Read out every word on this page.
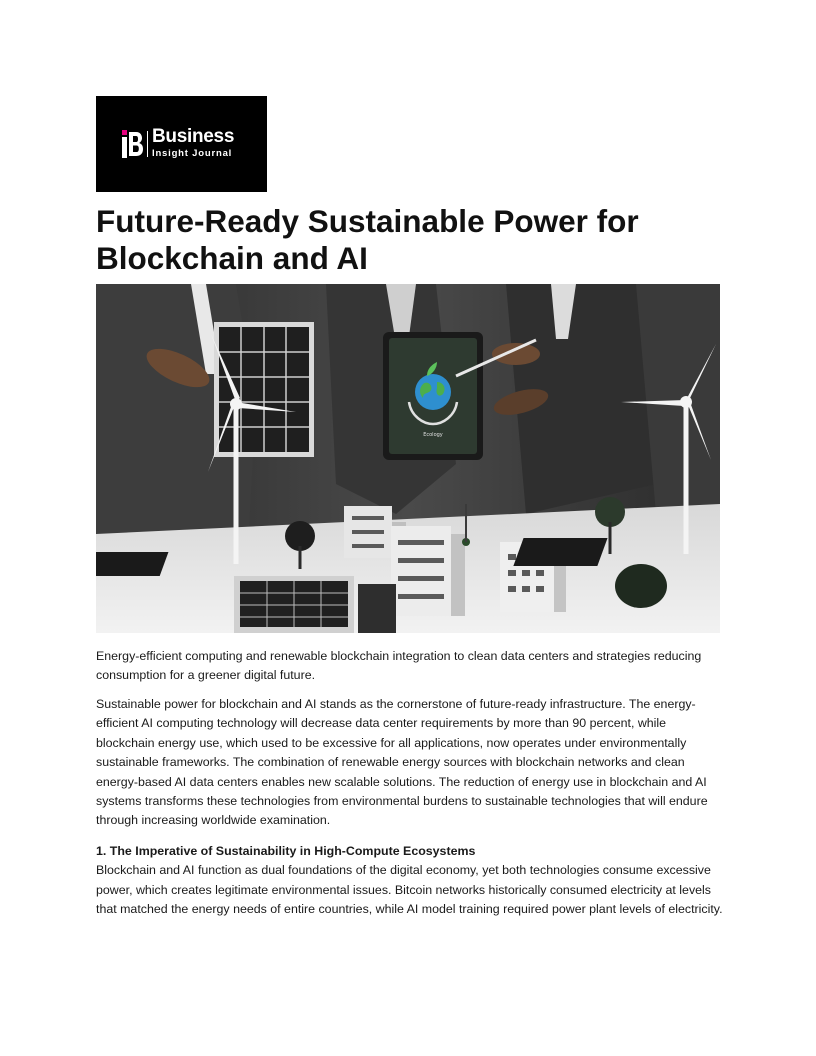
Business
Insight Journal
Future-Ready Sustainable Power for Blockchain and AI
Ecology

Energy-efficient computing and renewable blockchain integration to clean data centers and strategies reducing consumption for a greener digital future.

Sustainable power for blockchain and AI stands as the cornerstone of future-ready infrastructure. The energy-efficient AI computing technology will decrease data center requirements by more than 90 percent, while blockchain energy use, which used to be excessive for all applications, now operates under environmentally sustainable frameworks. The combination of renewable energy sources with blockchain networks and clean energy-based AI data centers enables new scalable solutions. The reduction of energy use in blockchain and AI systems transforms these technologies from environmental burdens to sustainable technologies that will endure through increasing worldwide examination.

1. The Imperative of Sustainability in High-Compute Ecosystems
Blockchain and AI function as dual foundations of the digital economy, yet both technologies consume excessive power, which creates legitimate environmental issues. Bitcoin networks historically consumed electricity at levels that matched the energy needs of entire countries, while AI model training required power plant levels of electricity.
